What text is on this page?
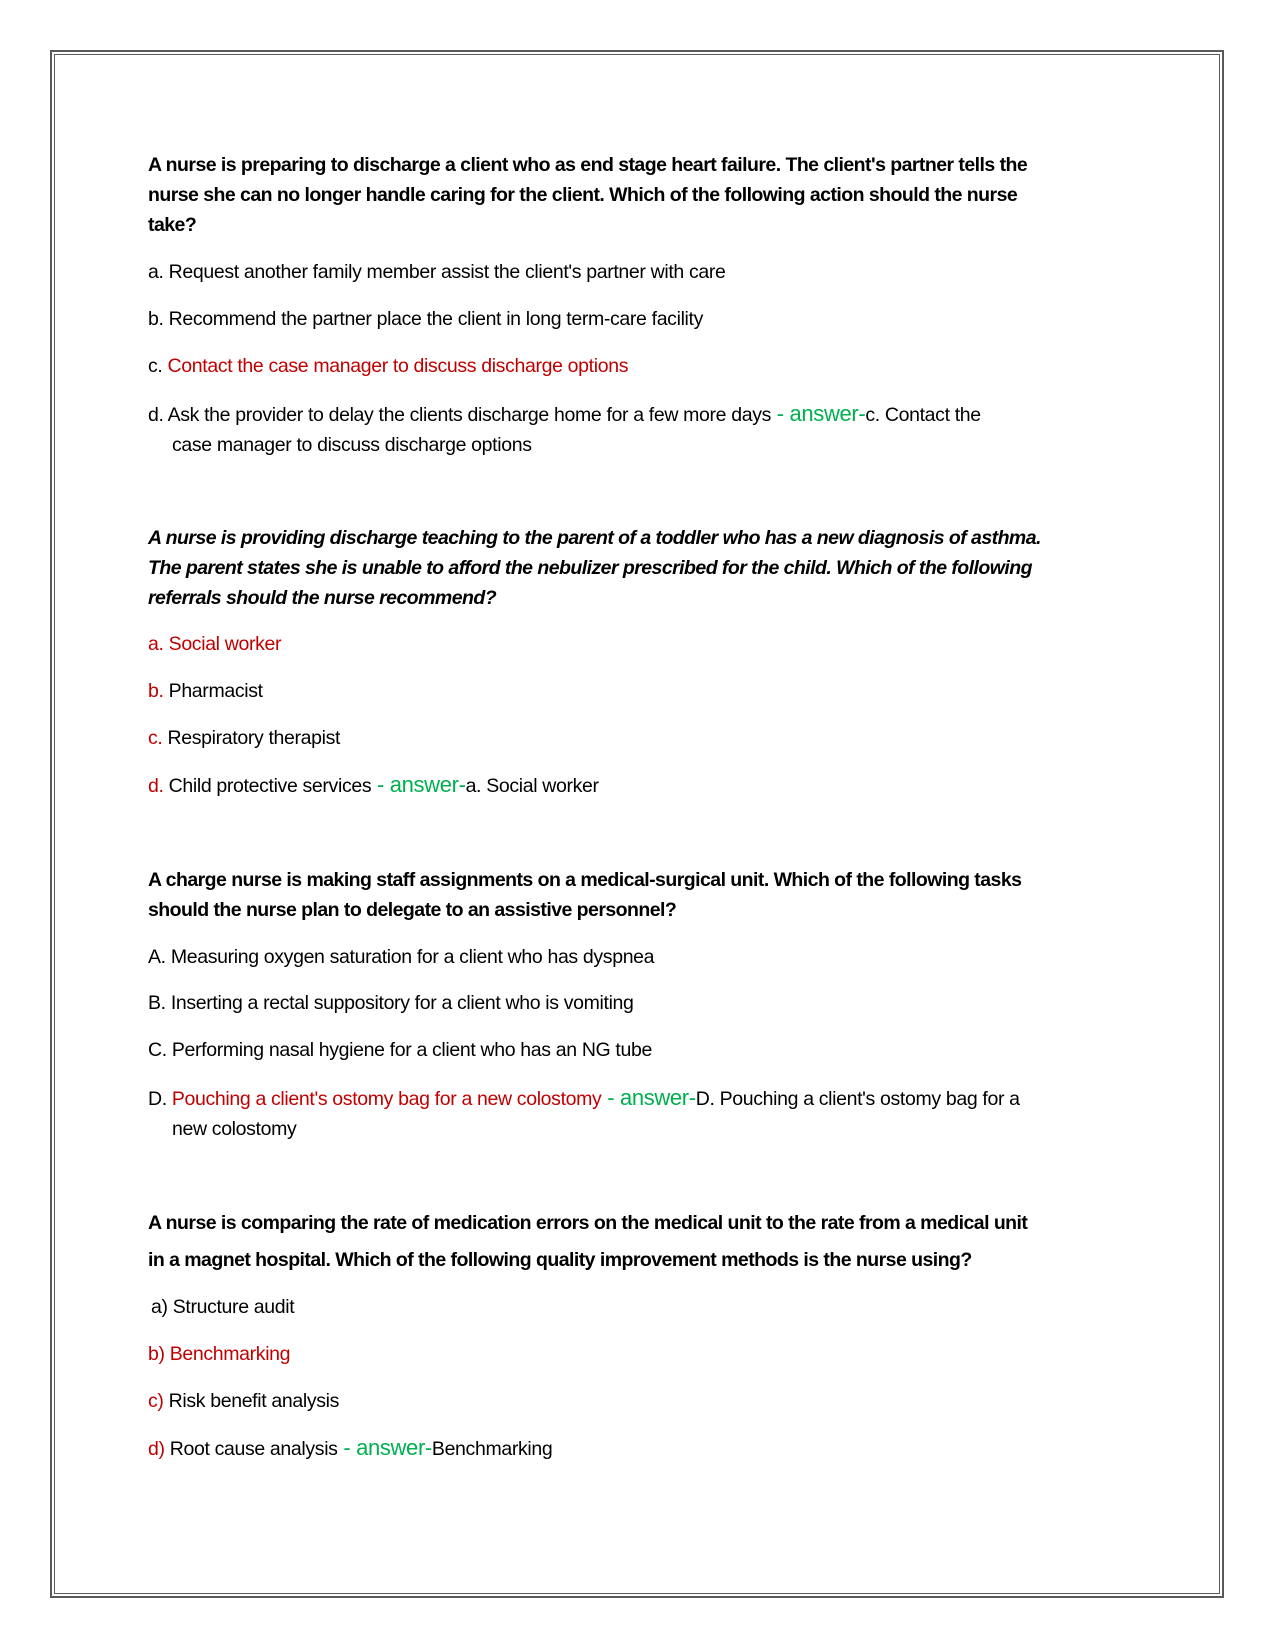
A nurse is preparing to discharge a client who as end stage heart failure. The client's partner tells the
nurse she can no longer handle caring for the client. Which of the following action should the nurse
take?
a. Request another family member assist the client's partner with care
b. Recommend the partner place the client in long term-care facility
c. Contact the case manager to discuss discharge options
d. Ask the provider to delay the clients discharge home for a few more days - answer-c. Contact the
case manager to discuss discharge options
A nurse is providing discharge teaching to the parent of a toddler who has a new diagnosis of asthma.
The parent states she is unable to afford the nebulizer prescribed for the child. Which of the following
referrals should the nurse recommend?
a. Social worker
b. Pharmacist
c. Respiratory therapist
d. Child protective services - answer-a. Social worker
A charge nurse is making staff assignments on a medical-surgical unit. Which of the following tasks
should the nurse plan to delegate to an assistive personnel?
A. Measuring oxygen saturation for a client who has dyspnea
B. Inserting a rectal suppository for a client who is vomiting
C. Performing nasal hygiene for a client who has an NG tube
D. Pouching a client's ostomy bag for a new colostomy - answer-D. Pouching a client's ostomy bag for a
new colostomy
A nurse is comparing the rate of medication errors on the medical unit to the rate from a medical unit
in a magnet hospital. Which of the following quality improvement methods is the nurse using?
a) Structure audit
b) Benchmarking
c) Risk benefit analysis
d) Root cause analysis - answer-Benchmarking
